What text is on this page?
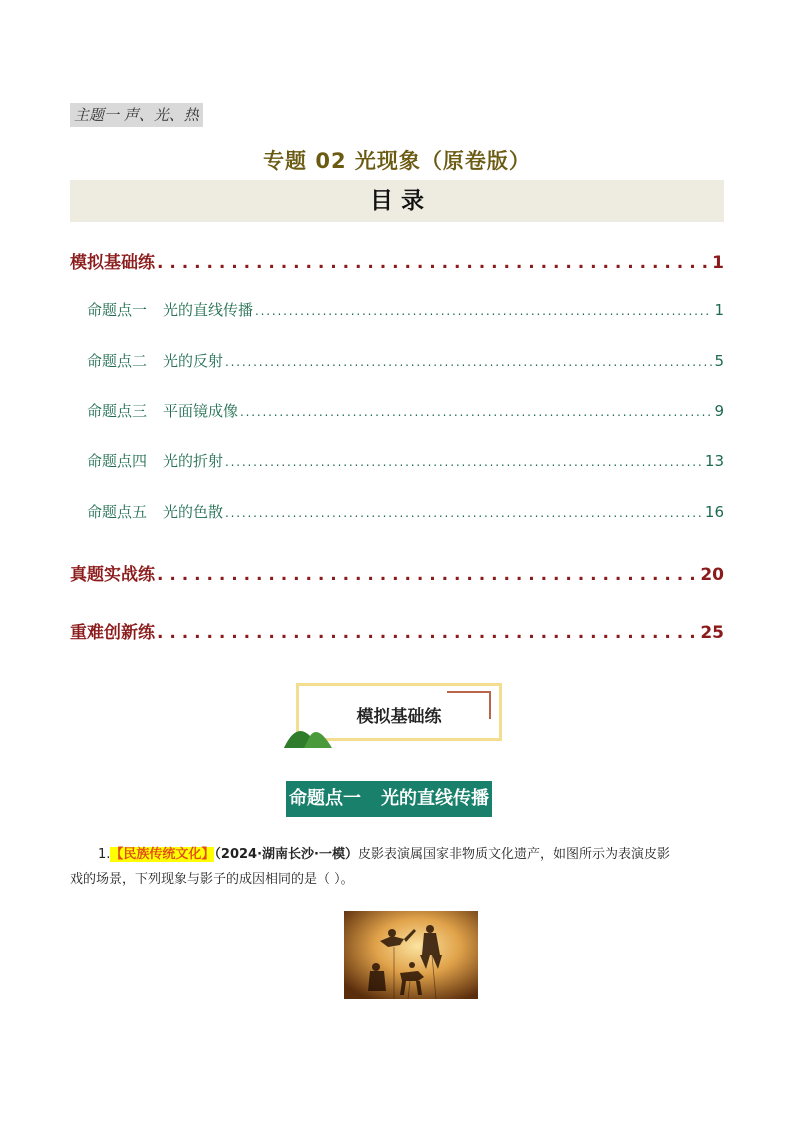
主题一 声、光、热
专题 02 光现象（原卷版）
目 录
模拟基础练 . . .	1
命题点一 光的直线传播 . . .	1
命题点二 光的反射 . . .	5
命题点三 平面镜成像 . . .	9
命题点四 光的折射 . . .	13
命题点五 光的色散 . . .	16
真题实战练 . . .	20
重难创新练 . . .	25
模拟基础练
命题点一 光的直线传播
1.【民族传统文化】（2024·湖南长沙·一模）皮影表演属国家非物质文化遗产，如图所示为表演皮影
戏的场景，下列现象与影子的成因相同的是（ ）。
